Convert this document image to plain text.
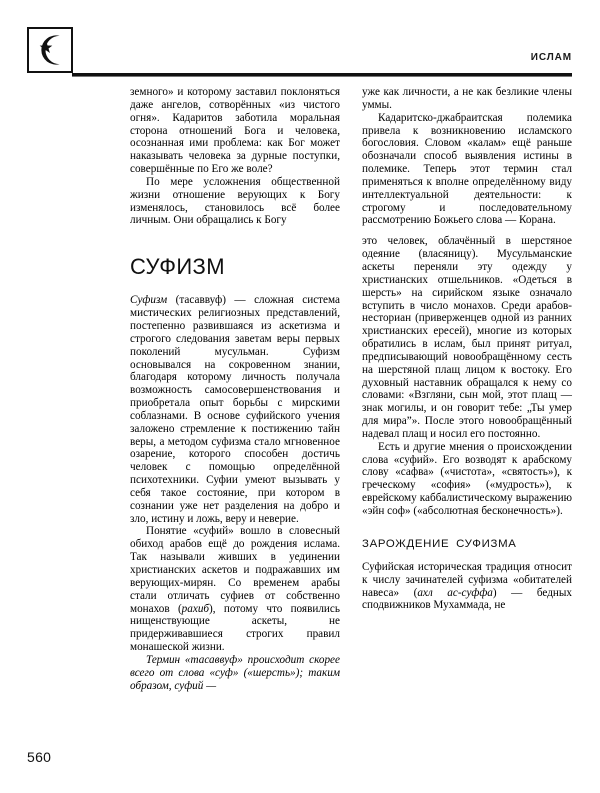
ИСЛАМ

земного» и которому заставил поклоняться даже ангелов, сотворённых «из чистого огня». Кадаритов заботила моральная сторона отношений Бога и человека, осознанная ими проблема: как Бог может наказывать человека за дурные поступки, совершённые по Его же воле?

По мере усложнения общественной жизни отношение верующих к Богу изменялось, становилось всё более личным. Они обращались к Богу

СУФИЗМ

Суфизм (тасаввуф) — сложная система мистических религиозных представлений, постепенно развившаяся из аскетизма и строгого следования заветам веры первых поколений мусульман. Суфизм основывался на сокровенном знании, благодаря которому личность получала возможность самосовершенствования и приобретала опыт борьбы с мирскими соблазнами. В основе суфийского учения заложено стремление к постижению тайн веры, а методом суфизма стало мгновенное озарение, которого способен достичь человек с помощью определённой психотехники. Суфии умеют вызывать у себя такое состояние, при котором в сознании уже нет разделения на добро и зло, истину и ложь, веру и неверие.

Понятие «суфий» вошло в словесный обиход арабов ещё до рождения ислама. Так называли живших в уединении христианских аскетов и подражавших им верующих-мирян. Со временем арабы стали отличать суфиев от собственно монахов (рахиб), потому что появились нищенствующие аскеты, не придерживавшиеся строгих правил монашеской жизни.

Термин «тасаввуф» происходит скорее всего от слова «суф» («шерсть»); таким образом, суфий —

уже как личности, а не как безликие члены уммы.

Кадаритско-джабраитская полемика привела к возникновению исламского богословия. Словом «калам» ещё раньше обозначали способ выявления истины в полемике. Теперь этот термин стал применяться к вполне определённому виду интеллектуальной деятельности: к строгому и последовательному рассмотрению Божьего слова — Корана.

это человек, облачённый в шерстяное одеяние (власяницу). Мусульманские аскеты переняли эту одежду у христианских отшельников. «Одеться в шерсть» на сирийском языке означало вступить в число монахов. Среди арабов-несториан (приверженцев одной из ранних христианских ересей), многие из которых обратились в ислам, был принят ритуал, предписывающий новообращённому сесть на шерстяной плащ лицом к востоку. Его духовный наставник обращался к нему со словами: «Взгляни, сын мой, этот плащ — знак могилы, и он говорит тебе: „Ты умер для мира”». После этого новообращённый надевал плащ и носил его постоянно.

Есть и другие мнения о происхождении слова «суфий». Его возводят к арабскому слову «сафва» («чистота», «святость»), к греческому «софия» («мудрость»), к еврейскому каббалистическому выражению «эйн соф» («абсолютная бесконечность»).

ЗАРОЖДЕНИЕ СУФИЗМА

Суфийская историческая традиция относит к числу зачинателей суфизма «обитателей навеса» (ахл ас-суффа) — бедных сподвижников Мухаммада, не

560
